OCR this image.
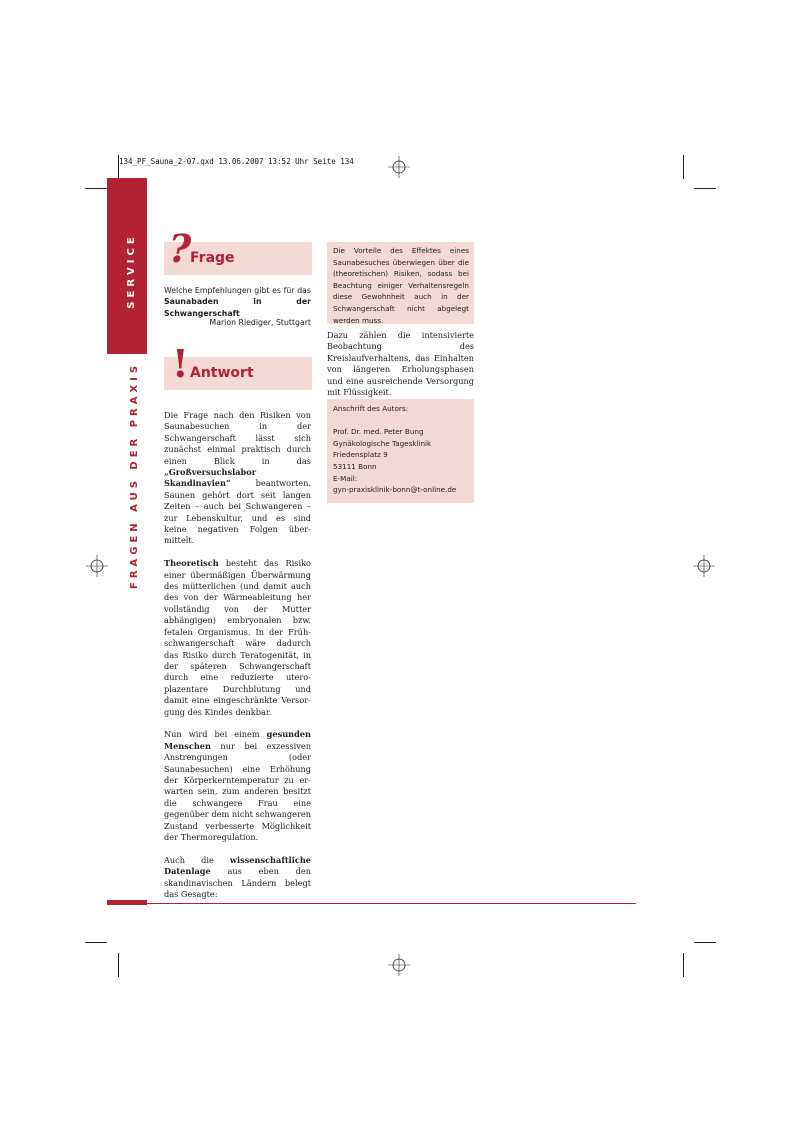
134_PF_Sauna_2-07.qxd 13.06.2007 13:52 Uhr Seite 134
SERVICE
FRAGEN AUS DER PRAXIS
?
Frage
Welche Empfehlungen gibt es für das Saunabaden in der Schwangerschaft
Marion Riediger, Stuttgart
! Antwort

Die Frage nach den Risiken von Saunabesuchen in der Schwangerschaft lässt sich zunächst einmal praktisch durch einen Blick in das „Großversuchslabor Skandinavien“ beantworten. Saunen gehört dort seit langen Zeiten – auch bei Schwangeren – zur Lebenskultur, und es sind keine negativen Folgen übermittelt.

Theoretisch besteht das Risiko einer übermäßigen Überwärmung des mütterlichen (und damit auch des von der Wärmeableitung her vollständig von der Mutter abhängigen) embryonalen bzw. fetalen Organismus. In der Frühschwangerschaft wäre dadurch das Risiko durch Teratogenität, in der späteren Schwangerschaft durch eine reduzierte utero-plazentare Durchblutung und damit eine eingeschränkte Versorgung des Kindes denkbar.

Nun wird bei einem gesunden Menschen nur bei exzessiven Anstrengungen (oder Saunabesuchen) eine Erhöhung der Körperkerntemperatur zu erwarten sein, zum anderen besitzt die schwangere Frau eine gegenüber dem nicht schwangeren Zustand verbesserte Möglichkeit der Thermoregulation.

Auch die wissenschaftliche Datenlage aus eben den skandinavischen Ländern belegt das Gesagte:

Die Vorteile des Effektes eines Saunabesuches überwiegen über die (theoretischen) Risiken, sodass bei Beachtung einiger Verhaltensregeln diese Gewohnheit auch in der Schwangerschaft nicht abgelegt werden muss.
Dazu zählen die intensivierte Beobachtung des Kreislaufverhaltens, das Einhalten von längeren Erholungsphasen und eine ausreichende Versorgung mit Flüssigkeit.
Anschrift des Autors:
Prof. Dr. med. Peter Bung
Gynäkologische Tagesklinik
Friedensplatz 9
53111 Bonn
E-Mail:
gyn-praxisklinik-bonn@t-online.de
